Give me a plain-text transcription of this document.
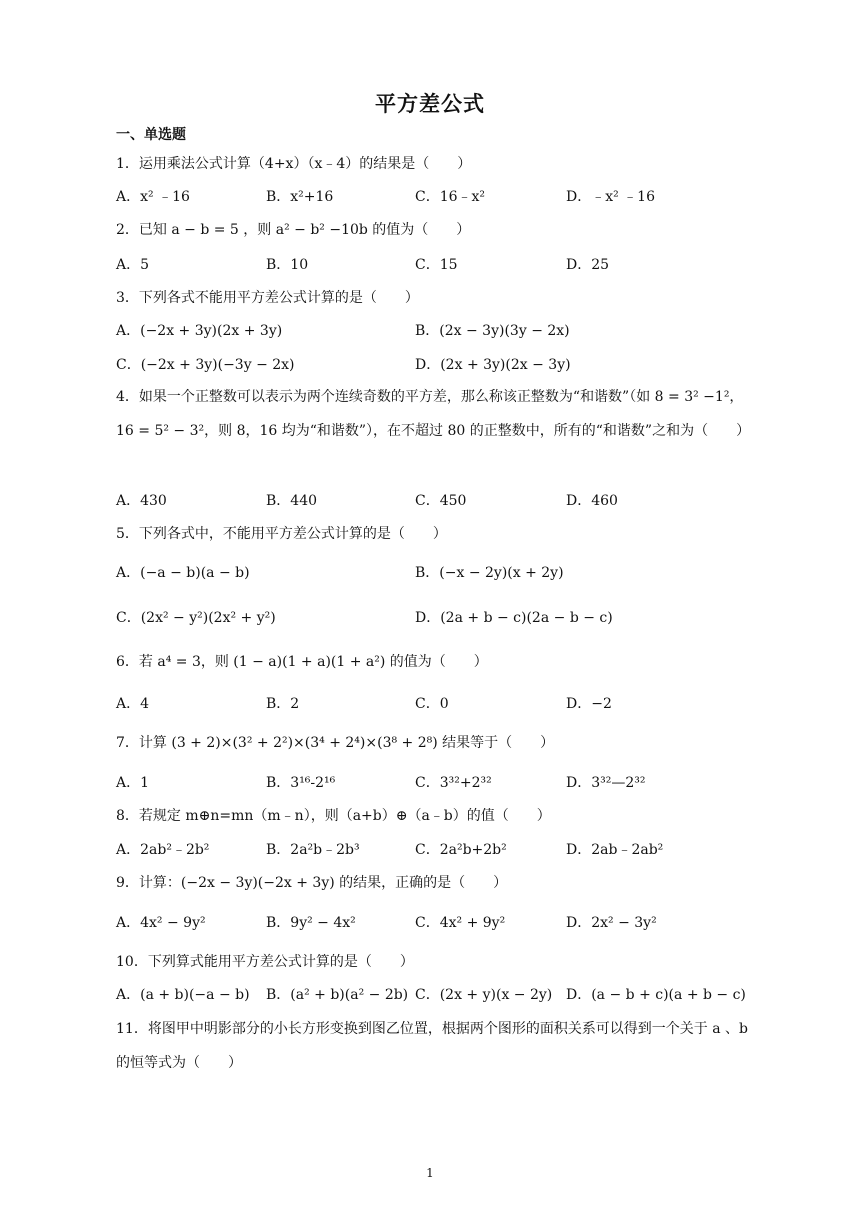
平方差公式
一、单选题
1．运用乘法公式计算（4+x）（x﹣4）的结果是（　　）
A．x² ﹣16	B．x²+16	C．16﹣x²	D．﹣x² ﹣16
2．已知 a − b = 5 ，则 a² − b² −10b 的值为（　　）
A．5	B．10	C．15	D．25
3．下列各式不能用平方差公式计算的是（　　）
A．(−2x + 3y)(2x + 3y)	B．(2x − 3y)(3y − 2x)
C．(−2x + 3y)(−3y − 2x)	D．(2x + 3y)(2x − 3y)
4．如果一个正整数可以表示为两个连续奇数的平方差，那么称该正整数为“和谐数”（如 8 = 3² −1²，16 = 5² − 3²，则 8，16 均为“和谐数”），在不超过 80 的正整数中，所有的“和谐数”之和为（　　）
A．430	B．440	C．450	D．460
5．下列各式中，不能用平方差公式计算的是（　　）
A．(−a − b)(a − b)	B．(−x − 2y)(x + 2y)
C．(2x² − y²)(2x² + y²)	D．(2a + b − c)(2a − b − c)
6．若 a⁴ = 3，则 (1 − a)(1 + a)(1 + a²) 的值为（　　）
A．4	B．2	C．0	D．−2
7．计算 (3 + 2)×(3² + 2²)×(3⁴ + 2⁴)×(3⁸ + 2⁸) 结果等于（　　）
A．1	B．3¹⁶-2¹⁶	C．3³²+2³²	D．3³²—2³²
8．若规定 m⊕n=mn（m﹣n），则（a+b）⊕（a﹣b）的值（　　）
A．2ab²﹣2b²	B．2a²b﹣2b³	C．2a²b+2b²	D．2ab﹣2ab²
9．计算：(−2x − 3y)(−2x + 3y) 的结果，正确的是（　　）
A．4x² − 9y²	B．9y² − 4x²	C．4x² + 9y²	D．2x² − 3y²
10．下列算式能用平方差公式计算的是（　　）
A．(a + b)(−a − b) B．(a² + b)(a² − 2b) C．(2x + y)(x − 2y) D．(a − b + c)(a + b − c)
11．将图甲中明影部分的小长方形变换到图乙位置，根据两个图形的面积关系可以得到一个关于 a 、b 的恒等式为（　　）
1
